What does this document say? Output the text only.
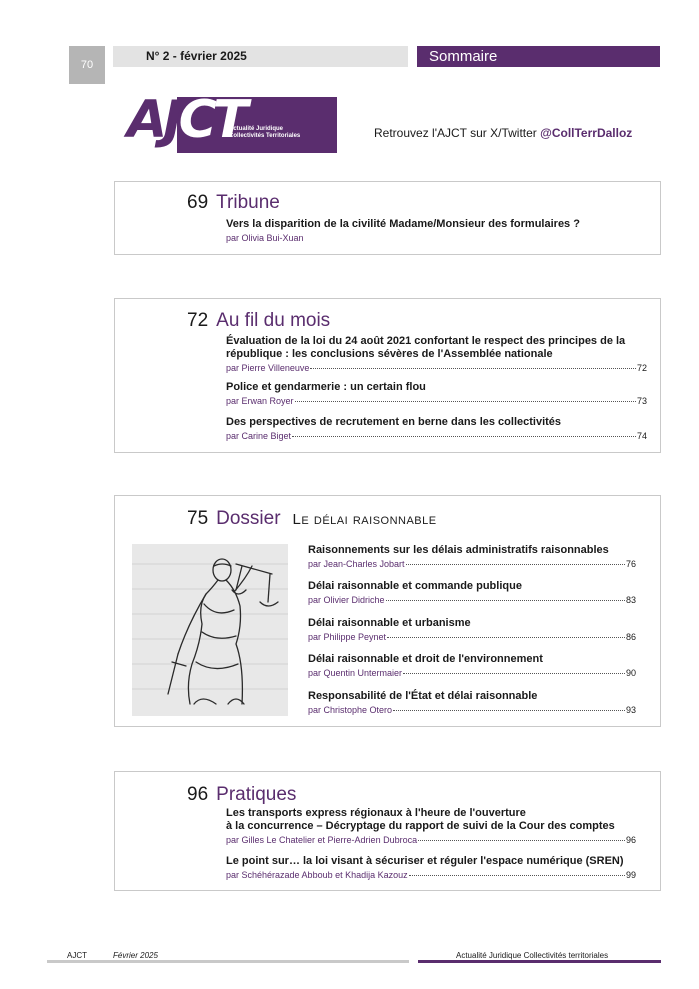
70
N° 2 - février 2025	Sommaire
AJCT
Actualité Juridique
Collectivités Territoriales	Retrouvez l'AJCT sur X/Twitter @CollTerrDalloz
69 Tribune
Vers la disparition de la civilité Madame/Monsieur des formulaires ?
par Olivia Bui-Xuan
72 Au fil du mois
Évaluation de la loi du 24 août 2021 confortant le respect des principes de la république : les conclusions sévères de l'Assemblée nationale
par Pierre Villeneuve	72
Police et gendarmerie : un certain flou
par Erwan Royer	73
Des perspectives de recrutement en berne dans les collectivités
par Carine Biget	74
75 Dossier Le délai raisonnable
Raisonnements sur les délais administratifs raisonnables
par Jean-Charles Jobart	76
Délai raisonnable et commande publique
par Olivier Didriche	83
Délai raisonnable et urbanisme
par Philippe Peynet	86
Délai raisonnable et droit de l'environnement
par Quentin Untermaier	90
Responsabilité de l'État et délai raisonnable
par Christophe Otero	93
96 Pratiques
Les transports express régionaux à l'heure de l'ouverture
à la concurrence – Décryptage du rapport de suivi de la Cour des comptes
par Gilles Le Chatelier et Pierre-Adrien Dubroca	96
Le point sur… la loi visant à sécuriser et réguler l'espace numérique (SREN)
par Schéhérazade Abboub et Khadija Kazouz	99
AJCT	Février 2025	Actualité Juridique Collectivités territoriales
